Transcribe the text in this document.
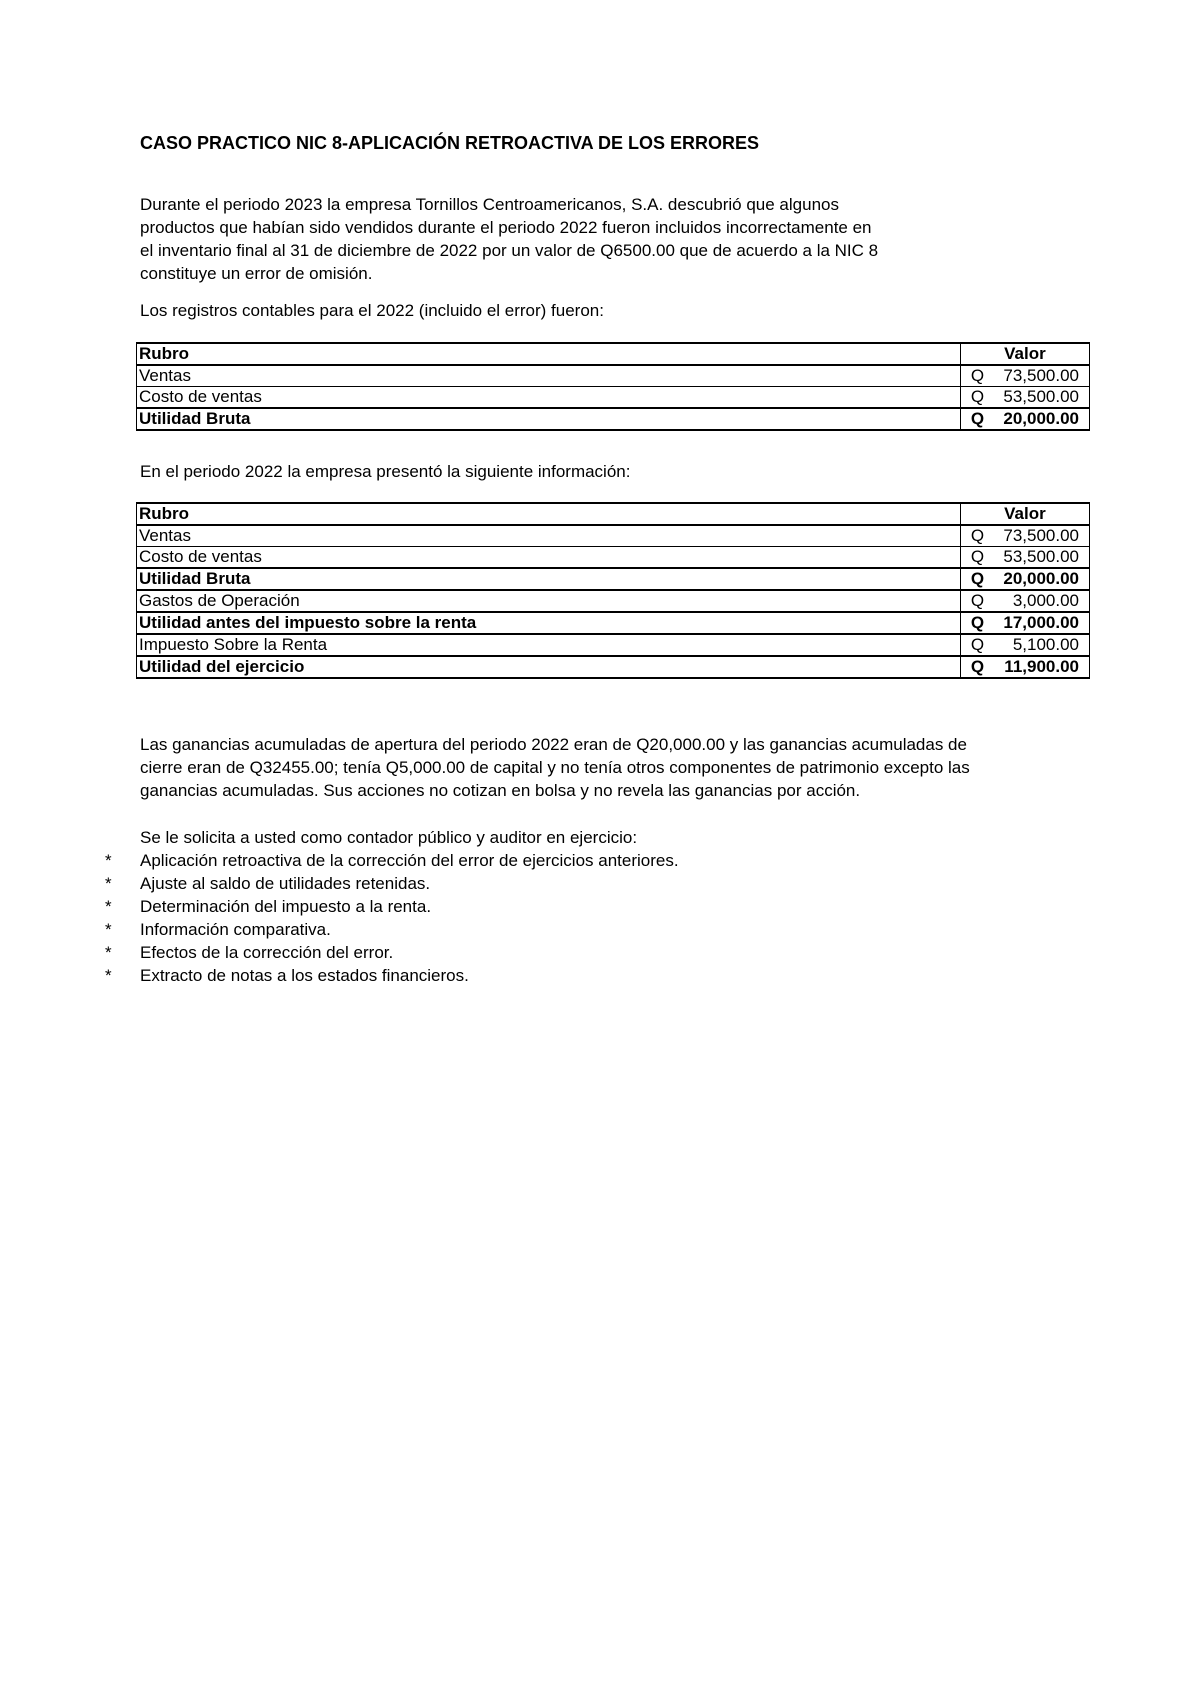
CASO PRACTICO NIC 8-APLICACIÓN RETROACTIVA DE LOS ERRORES

Durante el periodo 2023 la empresa Tornillos Centroamericanos, S.A. descubrió que algunos
productos que habían sido vendidos durante el periodo 2022 fueron incluidos incorrectamente en
el inventario final al 31 de diciembre de 2022 por un valor de Q6500.00 que de acuerdo a la NIC 8
constituye un error de omisión.

Los registros contables para el 2022 (incluido el error) fueron:

Rubro	Valor
Ventas	Q 73,500.00

Costo de ventas	Q 53,500.00

Utilidad Bruta	Q 20,000.00

En el periodo 2022 la empresa presentó la siguiente información:

Rubro	Valor
Ventas	Q 73,500.00

Costo de ventas	Q 53,500.00

Utilidad Bruta	Q 20,000.00

Gastos de Operación	Q 3,000.00

Utilidad antes del impuesto sobre la renta	Q 17,000.00

Impuesto Sobre la Renta	Q 5,100.00

Utilidad del ejercicio	Q 11,900.00

Las ganancias acumuladas de apertura del periodo 2022 eran de Q20,000.00 y las ganancias acumuladas de
cierre eran de Q32455.00; tenía Q5,000.00 de capital y no tenía otros componentes de patrimonio excepto las
ganancias acumuladas. Sus acciones no cotizan en bolsa y no revela las ganancias por acción.

Se le solicita a usted como contador público y auditor en ejercicio:

* Aplicación retroactiva de la corrección del error de ejercicios anteriores.
* Ajuste al saldo de utilidades retenidas.
* Determinación del impuesto a la renta.
* Información comparativa.
* Efectos de la corrección del error.
* Extracto de notas a los estados financieros.
